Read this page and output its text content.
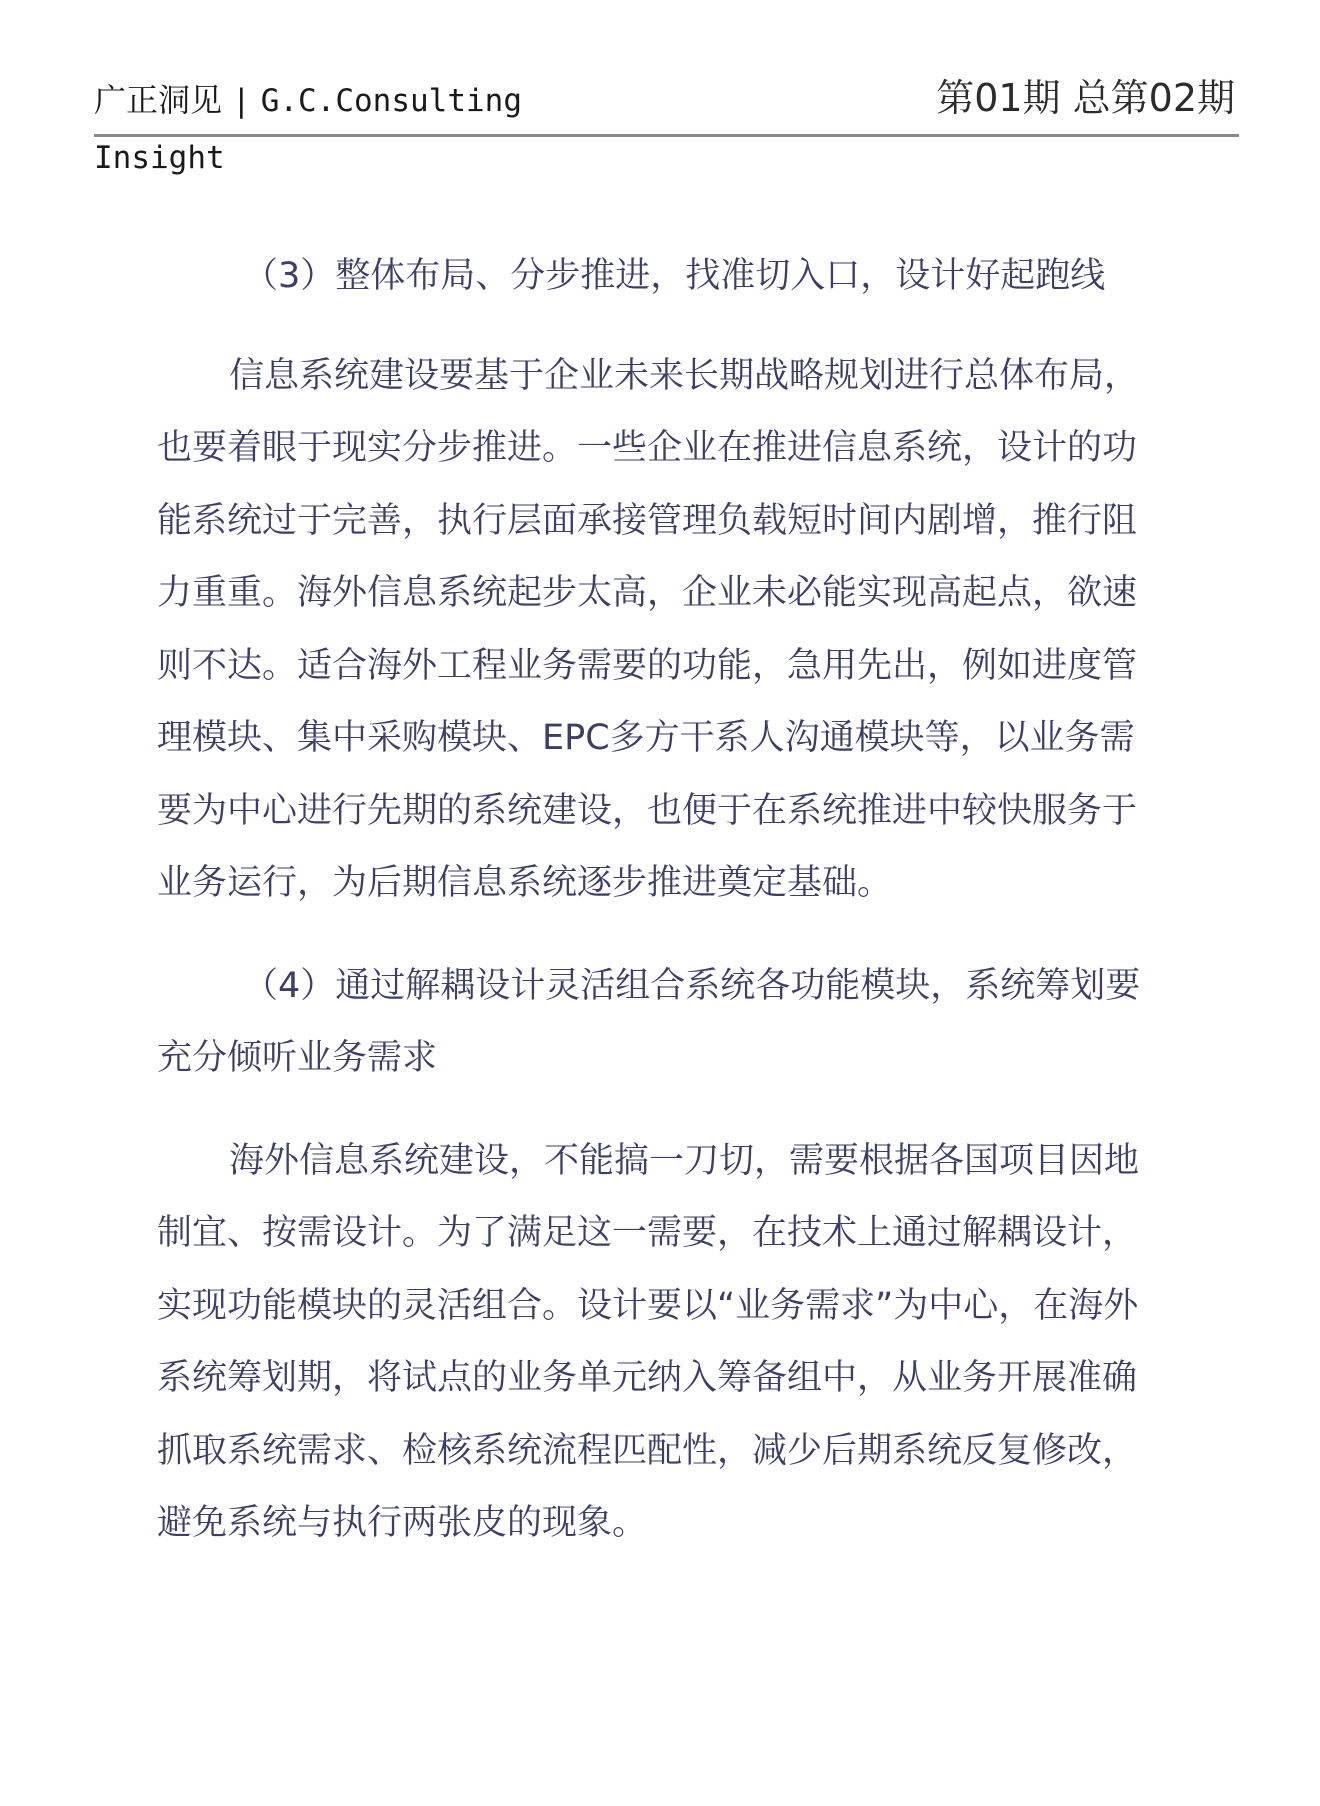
广正洞见 | G.C.Consulting	第01期 总第02期
Insight

（3）整体布局、分步推进，找准切入口，设计好起跑线

信息系统建设要基于企业未来长期战略规划进行总体布局，也要着眼于现实分步推进。一些企业在推进信息系统，设计的功能系统过于完善，执行层面承接管理负载短时间内剧增，推行阻力重重。海外信息系统起步太高，企业未必能实现高起点，欲速则不达。适合海外工程业务需要的功能，急用先出，例如进度管理模块、集中采购模块、EPC多方干系人沟通模块等，以业务需要为中心进行先期的系统建设，也便于在系统推进中较快服务于业务运行，为后期信息系统逐步推进奠定基础。

（4）通过解耦设计灵活组合系统各功能模块，系统筹划要充分倾听业务需求

海外信息系统建设，不能搞一刀切，需要根据各国项目因地制宜、按需设计。为了满足这一需要，在技术上通过解耦设计，实现功能模块的灵活组合。设计要以“业务需求”为中心，在海外系统筹划期，将试点的业务单元纳入筹备组中，从业务开展准确抓取系统需求、检核系统流程匹配性，减少后期系统反复修改，避免系统与执行两张皮的现象。
